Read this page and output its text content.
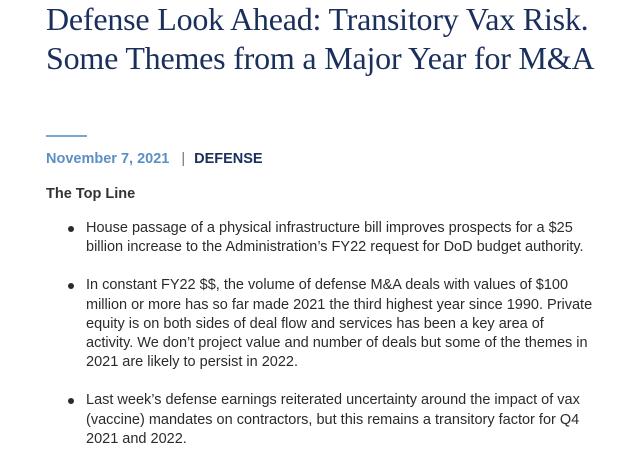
Defense Look Ahead: Transitory Vax Risk. Some Themes from a Major Year for M&A
November 7, 2021 | DEFENSE
The Top Line
House passage of a physical infrastructure bill improves prospects for a $25 billion increase to the Administration’s FY22 request for DoD budget authority.
In constant FY22 $$, the volume of defense M&A deals with values of $100 million or more has so far made 2021 the third highest year since 1990. Private equity is on both sides of deal flow and services has been a key area of activity. We don’t project value and number of deals but some of the themes in 2021 are likely to persist in 2022.
Last week’s defense earnings reiterated uncertainty around the impact of vax (vaccine) mandates on contractors, but this remains a transitory factor for Q4 2021 and 2022.
